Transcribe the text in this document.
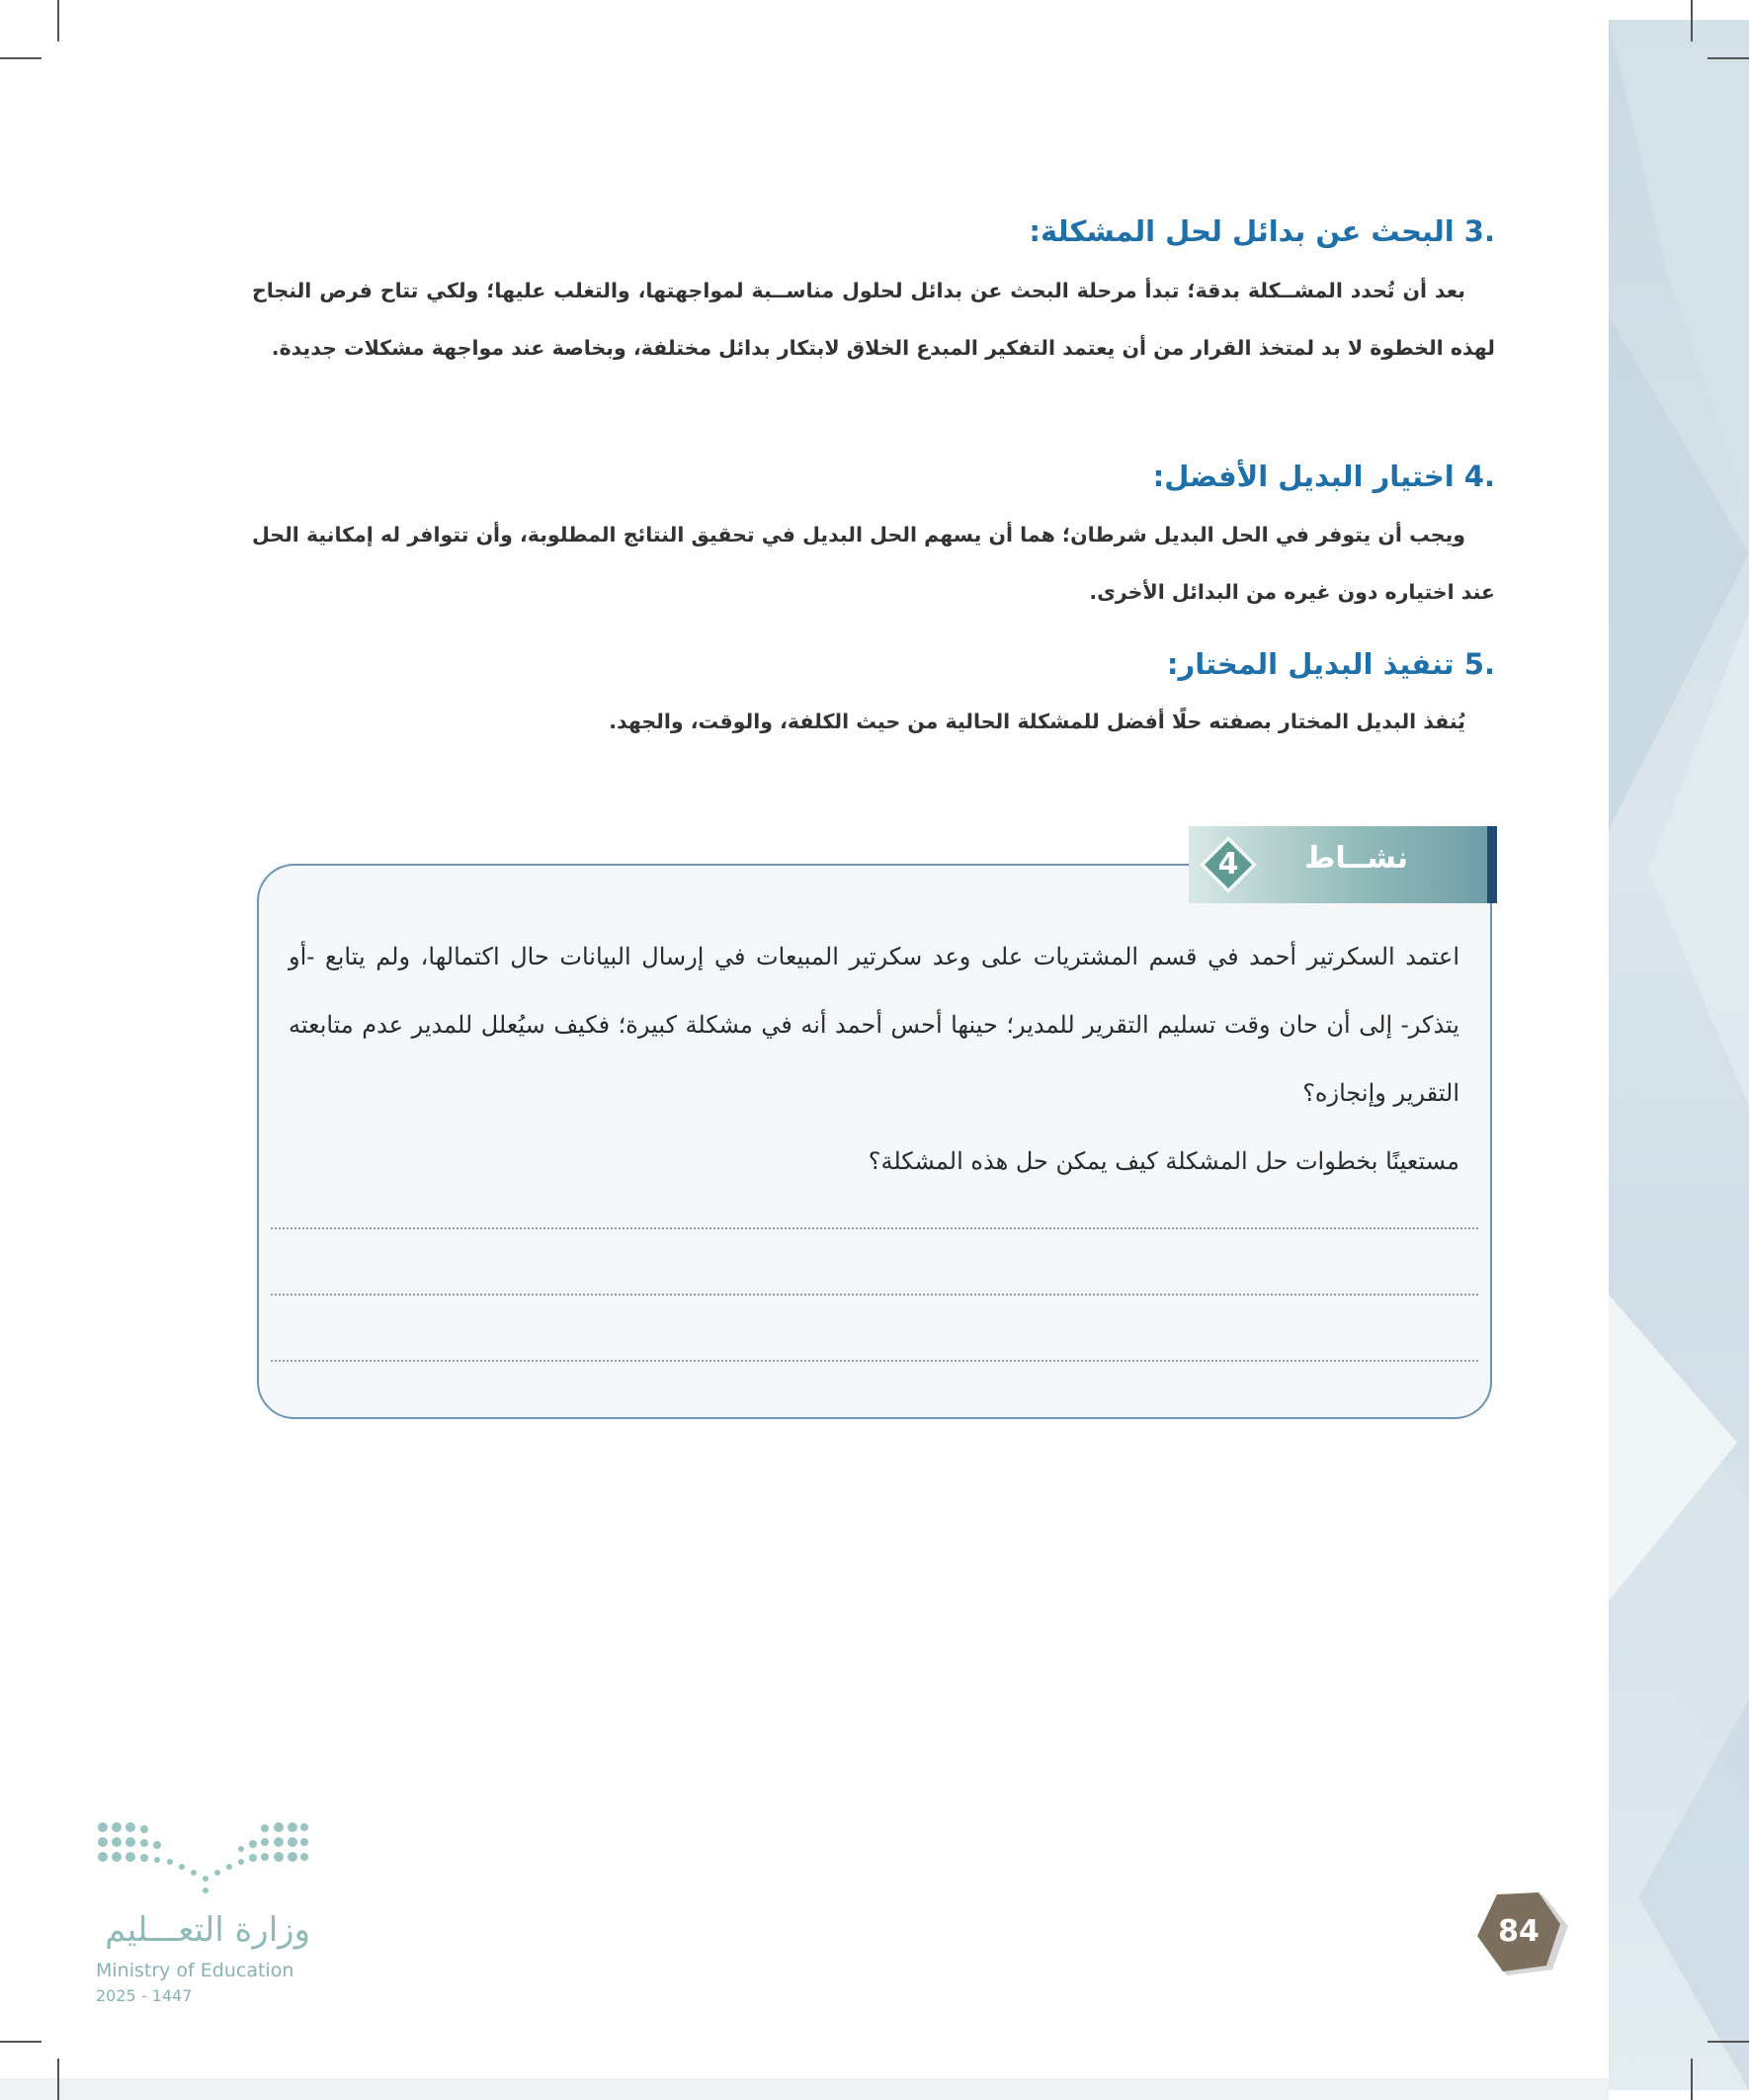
.3 البحث عن بدائل لحل المشكلة:
بعد أن تُحدد المشــكلة بدقة؛ تبدأ مرحلة البحث عن بدائل لحلول مناســبة لمواجهتها، والتغلب عليها؛ ولكي تتاح فرص النجاح لهذه الخطوة لا بد لمتخذ القرار من أن يعتمد التفكير المبدع الخلاق لابتكار بدائل مختلفة، وبخاصة عند مواجهة مشكلات جديدة.
.4 اختيار البديل الأفضل:
ويجب أن يتوفر في الحل البديل شرطان؛ هما أن يسهم الحل البديل في تحقيق النتائج المطلوبة، وأن تتوافر له إمكانية الحل عند اختياره دون غيره من البدائل الأخرى.
.5 تنفيذ البديل المختار:
يُنفذ البديل المختار بصفته حلًا أفضل للمشكلة الحالية من حيث الكلفة، والوقت، والجهد.
4	نشــاط
اعتمد السكرتير أحمد في قسم المشتريات على وعد سكرتير المبيعات في إرسال البيانات حال اكتمالها، ولم يتابع -أو يتذكر- إلى أن حان وقت تسليم التقرير للمدير؛ حينها أحس أحمد أنه في مشكلة كبيرة؛ فكيف سيُعلل للمدير عدم متابعته التقرير وإنجازه؟
مستعينًا بخطوات حل المشكلة كيف يمكن حل هذه المشكلة؟
84
وزارة التعـــليم
Ministry of Education
2025 - 1447
